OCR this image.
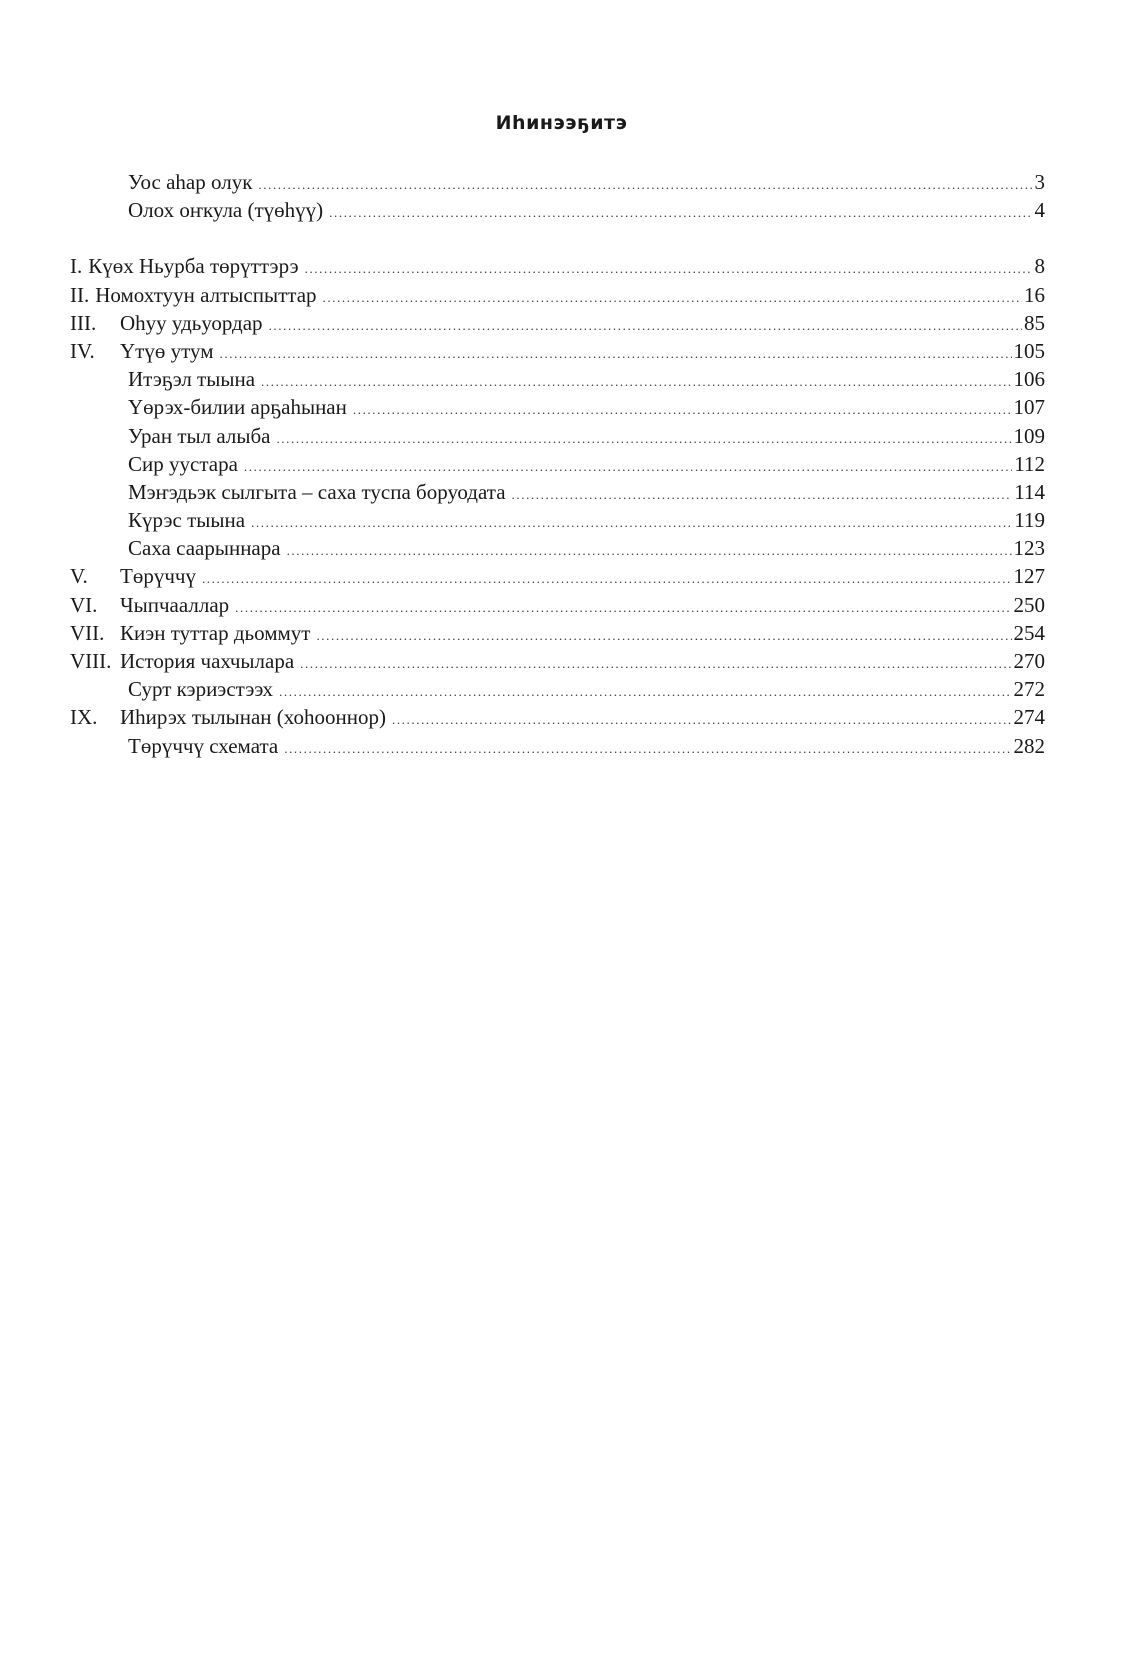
Иhинээҕитэ
Уос аhар олук .....	3
Олох оҥкула (түөhүү) .....	4
I. Күөх Ньурба төрүттэрэ .....	8
II. Номохтуун алтыспыттар .....	16
III.	Оhуу удьуордар .....	85
IV.	Үтүө утум .....	105
Итэҕэл тыына .....	106
Үөрэх-билии арҕаhынан .....	107
Уран тыл алыба .....	109
Сир уустара .....	112
Мэҥэдьэк сылгыта – саха туспа боруодата .....	114
Күрэс тыына .....	119
Саха саарыннара .....	123
V.	Төрүччү .....	127
VI.	Чыпчааллар .....	250
VII. Киэн туттар дьоммут .....	254
VIII. История чахчылара .....	270
Сурт кэриэстээх .....	272
IX.	Иhирэх тылынан (хоhооннор) .....	274
Төрүччү схемата .....	282
